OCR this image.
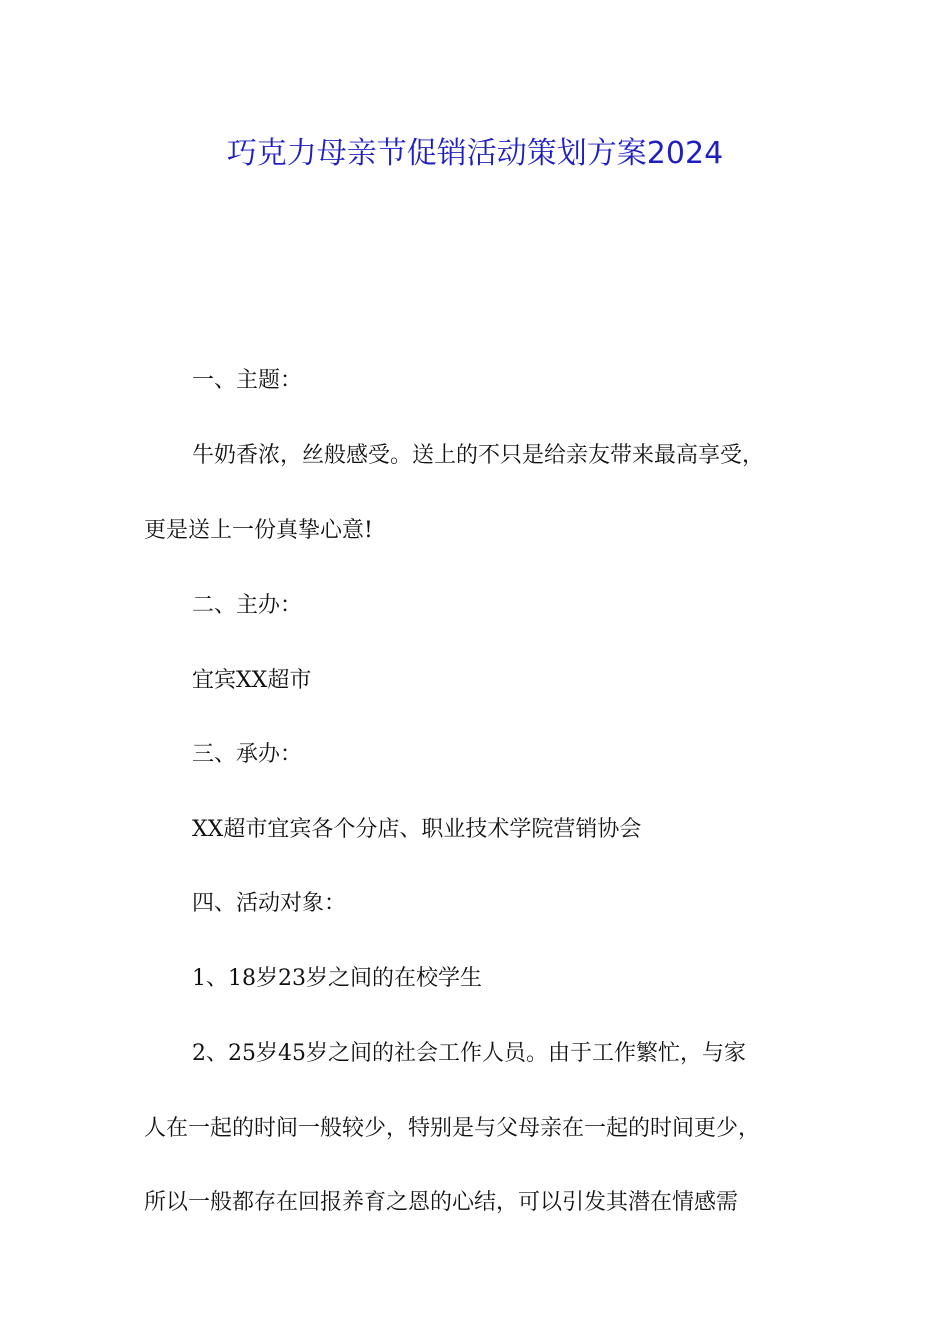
巧克力母亲节促销活动策划方案2024

一、主题：

牛奶香浓，丝般感受。送上的不只是给亲友带来最高享受，

更是送上一份真挚心意!

二、主办：

宜宾XX超市

三、承办：

XX超市宜宾各个分店、职业技术学院营销协会

四、活动对象：

1、18岁23岁之间的在校学生

2、25岁45岁之间的社会工作人员。由于工作繁忙，与家

人在一起的时间一般较少，特别是与父母亲在一起的时间更少，

所以一般都存在回报养育之恩的心结，可以引发其潜在情感需
